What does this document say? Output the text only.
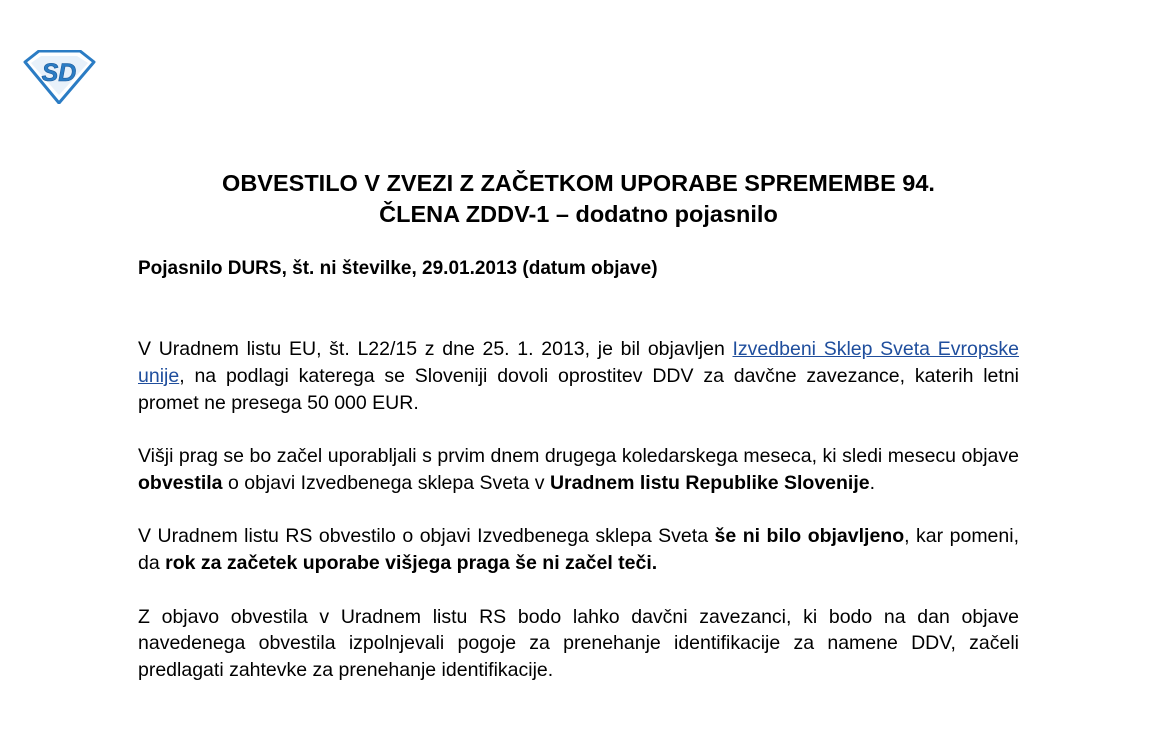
SD
OBVESTILO V ZVEZI Z ZAČETKOM UPORABE SPREMEMBE 94.
ČLENA ZDDV-1 – dodatno pojasnilo
Pojasnilo DURS, št. ni številke, 29.01.2013 (datum objave)
V Uradnem listu EU, št. L22/15 z dne 25. 1. 2013, je bil objavljen Izvedbeni Sklep Sveta Evropske unije, na podlagi katerega se Sloveniji dovoli oprostitev DDV za davčne zavezance, katerih letni promet ne presega 50 000 EUR.
Višji prag se bo začel uporabljali s prvim dnem drugega koledarskega meseca, ki sledi mesecu objave obvestila o objavi Izvedbenega sklepa Sveta v Uradnem listu Republike Slovenije.
V Uradnem listu RS obvestilo o objavi Izvedbenega sklepa Sveta še ni bilo objavljeno, kar pomeni, da rok za začetek uporabe višjega praga še ni začel teči.
Z objavo obvestila v Uradnem listu RS bodo lahko davčni zavezanci, ki bodo na dan objave navedenega obvestila izpolnjevali pogoje za prenehanje identifikacije za namene DDV, začeli predlagati zahtevke za prenehanje identifikacije.
